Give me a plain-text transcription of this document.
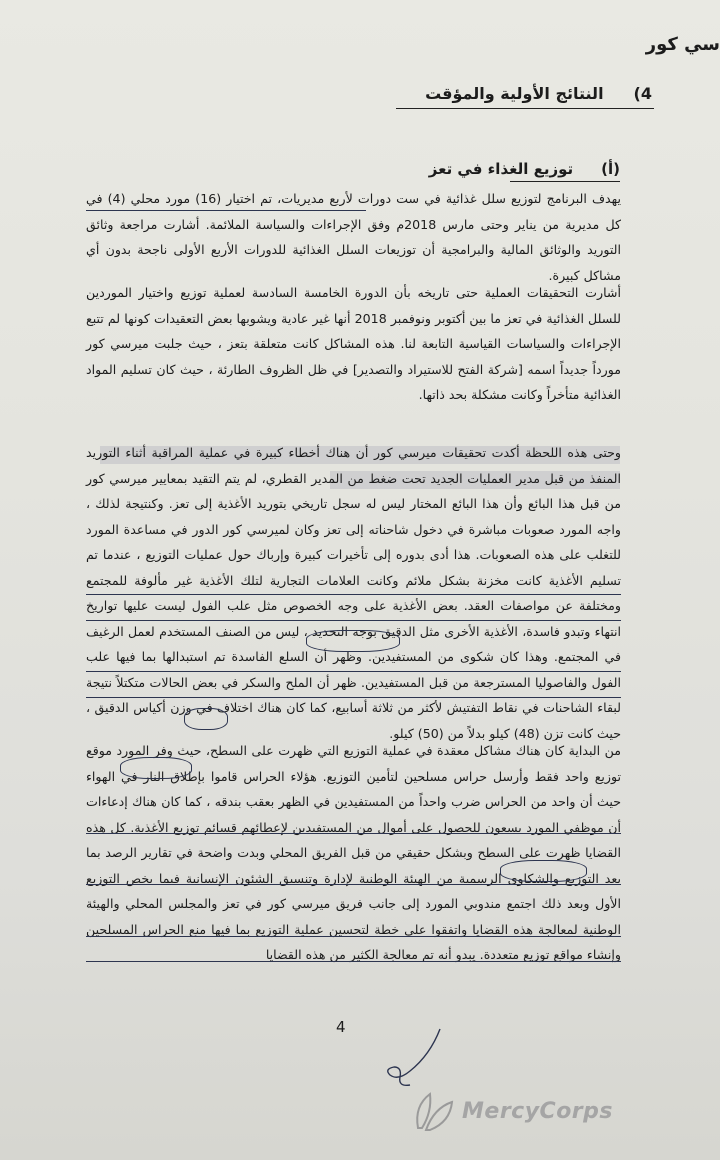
سي كور
4)
النتائج الأولية والمؤقت
(أ)
توزيع الغذاء في تعز
يهدف البرنامج لتوزيع سلل غذائية في ست دورات لأربع مديريات، تم اختيار (16) مورد محلي (4) في كل مديرية من يناير وحتى مارس 2018م وفق الإجراءات والسياسة الملائمة. أشارت مراجعة وثائق التوريد والوثائق المالية والبرامجية أن توزيعات السلل الغذائية للدورات الأربع الأولى ناجحة بدون أي مشاكل كبيرة.
أشارت التحقيقات العملية حتى تاريخه بأن الدورة الخامسة السادسة لعملية توزيع واختيار الموردين للسلل الغذائية في تعز ما بين أكتوبر ونوفمبر 2018 أنها غير عادية ويشوبها بعض التعقيدات كونها لم تتبع الإجراءات والسياسات القياسية التابعة لنا. هذه المشاكل كانت متعلقة بتعز ، حيث جلبت ميرسي كور مورداً جديداً اسمه [شركة الفتح للاستيراد والتصدير] في ظل الظروف الطارئة ، حيث كان تسليم المواد الغذائية متأخراً وكانت مشكلة بحد ذاتها.
وحتى هذه اللحظة أكدت تحقيقات ميرسي كور أن هناك أخطاء كبيرة في عملية المراقبة أثناء التوريد المنفذ من قبل مدير العمليات الجديد تحت ضغط من المدير القطري، لم يتم التقيد بمعايير ميرسي كور من قبل هذا البائع وأن هذا البائع المختار ليس له سجل تاريخي بتوريد الأغذية إلى تعز. وكنتيجة لذلك ، واجه المورد صعوبات مباشرة في دخول شاحناته إلى تعز وكان لميرسي كور الدور في مساعدة المورد للتغلب على هذه الصعوبات. هذا أدى بدوره إلى تأخيرات كبيرة وإرباك حول عمليات التوزيع ، عندما تم تسليم الأغذية كانت مخزنة بشكل ملائم وكانت العلامات التجارية لتلك الأغذية غير مألوفة للمجتمع ومختلفة عن مواصفات العقد. بعض الأغذية على وجه الخصوص مثل علب الفول ليست عليها تواريخ انتهاء وتبدو فاسدة، الأغذية الأخرى مثل الدقيق بوجه التحديد ، ليس من الصنف المستخدم لعمل الرغيف في المجتمع. وهذا كان شكوى من المستفيدين. وظهر أن السلع الفاسدة تم استبدالها بما فيها علب الفول والفاصوليا المسترجعة من قبل المستفيدين. ظهر أن الملح والسكر في بعض الحالات متكتلاً نتيجة لبقاء الشاحنات في نقاط التفتيش لأكثر من ثلاثة أسابيع، كما كان هناك اختلاف في وزن أكياس الدقيق ، حيث كانت تزن (48) كيلو بدلاً من (50) كيلو.
من البداية كان هناك مشاكل معقدة في عملية التوزيع التي ظهرت على السطح، حيث وفر المورد موقع توزيع واحد فقط وأرسل حراس مسلحين لتأمين التوزيع. هؤلاء الحراس قاموا بإطلاق النار في الهواء حيث أن واحد من الحراس ضرب واحداً من المستفيدين في الظهر بعقب بندقه ، كما كان هناك إدعاءات أن موظفي المورد يسعون للحصول على أموال من المستفيدين لإعطائهم قسائم توزيع الأغذية. كل هذه القضايا ظهرت على السطح وبشكل حقيقي من قبل الفريق المحلي وبدت واضحة في تقارير الرصد بما بعد التوزيع والشكاوى الرسمية من الهيئة الوطنية لإدارة وتنسيق الشئون الإنسانية فيما يخص التوزيع الأول وبعد ذلك اجتمع مندوبي المورد إلى جانب فريق ميرسي كور في تعز والمجلس المحلي والهيئة الوطنية لمعالجة هذه القضايا واتفقوا على خطة لتحسين عملية التوزيع بما فيها منع الحراس المسلحين وإنشاء مواقع توزيع متعددة. يبدو أنه تم معالجة الكثير من هذه القضايا
4
MercyCorps
